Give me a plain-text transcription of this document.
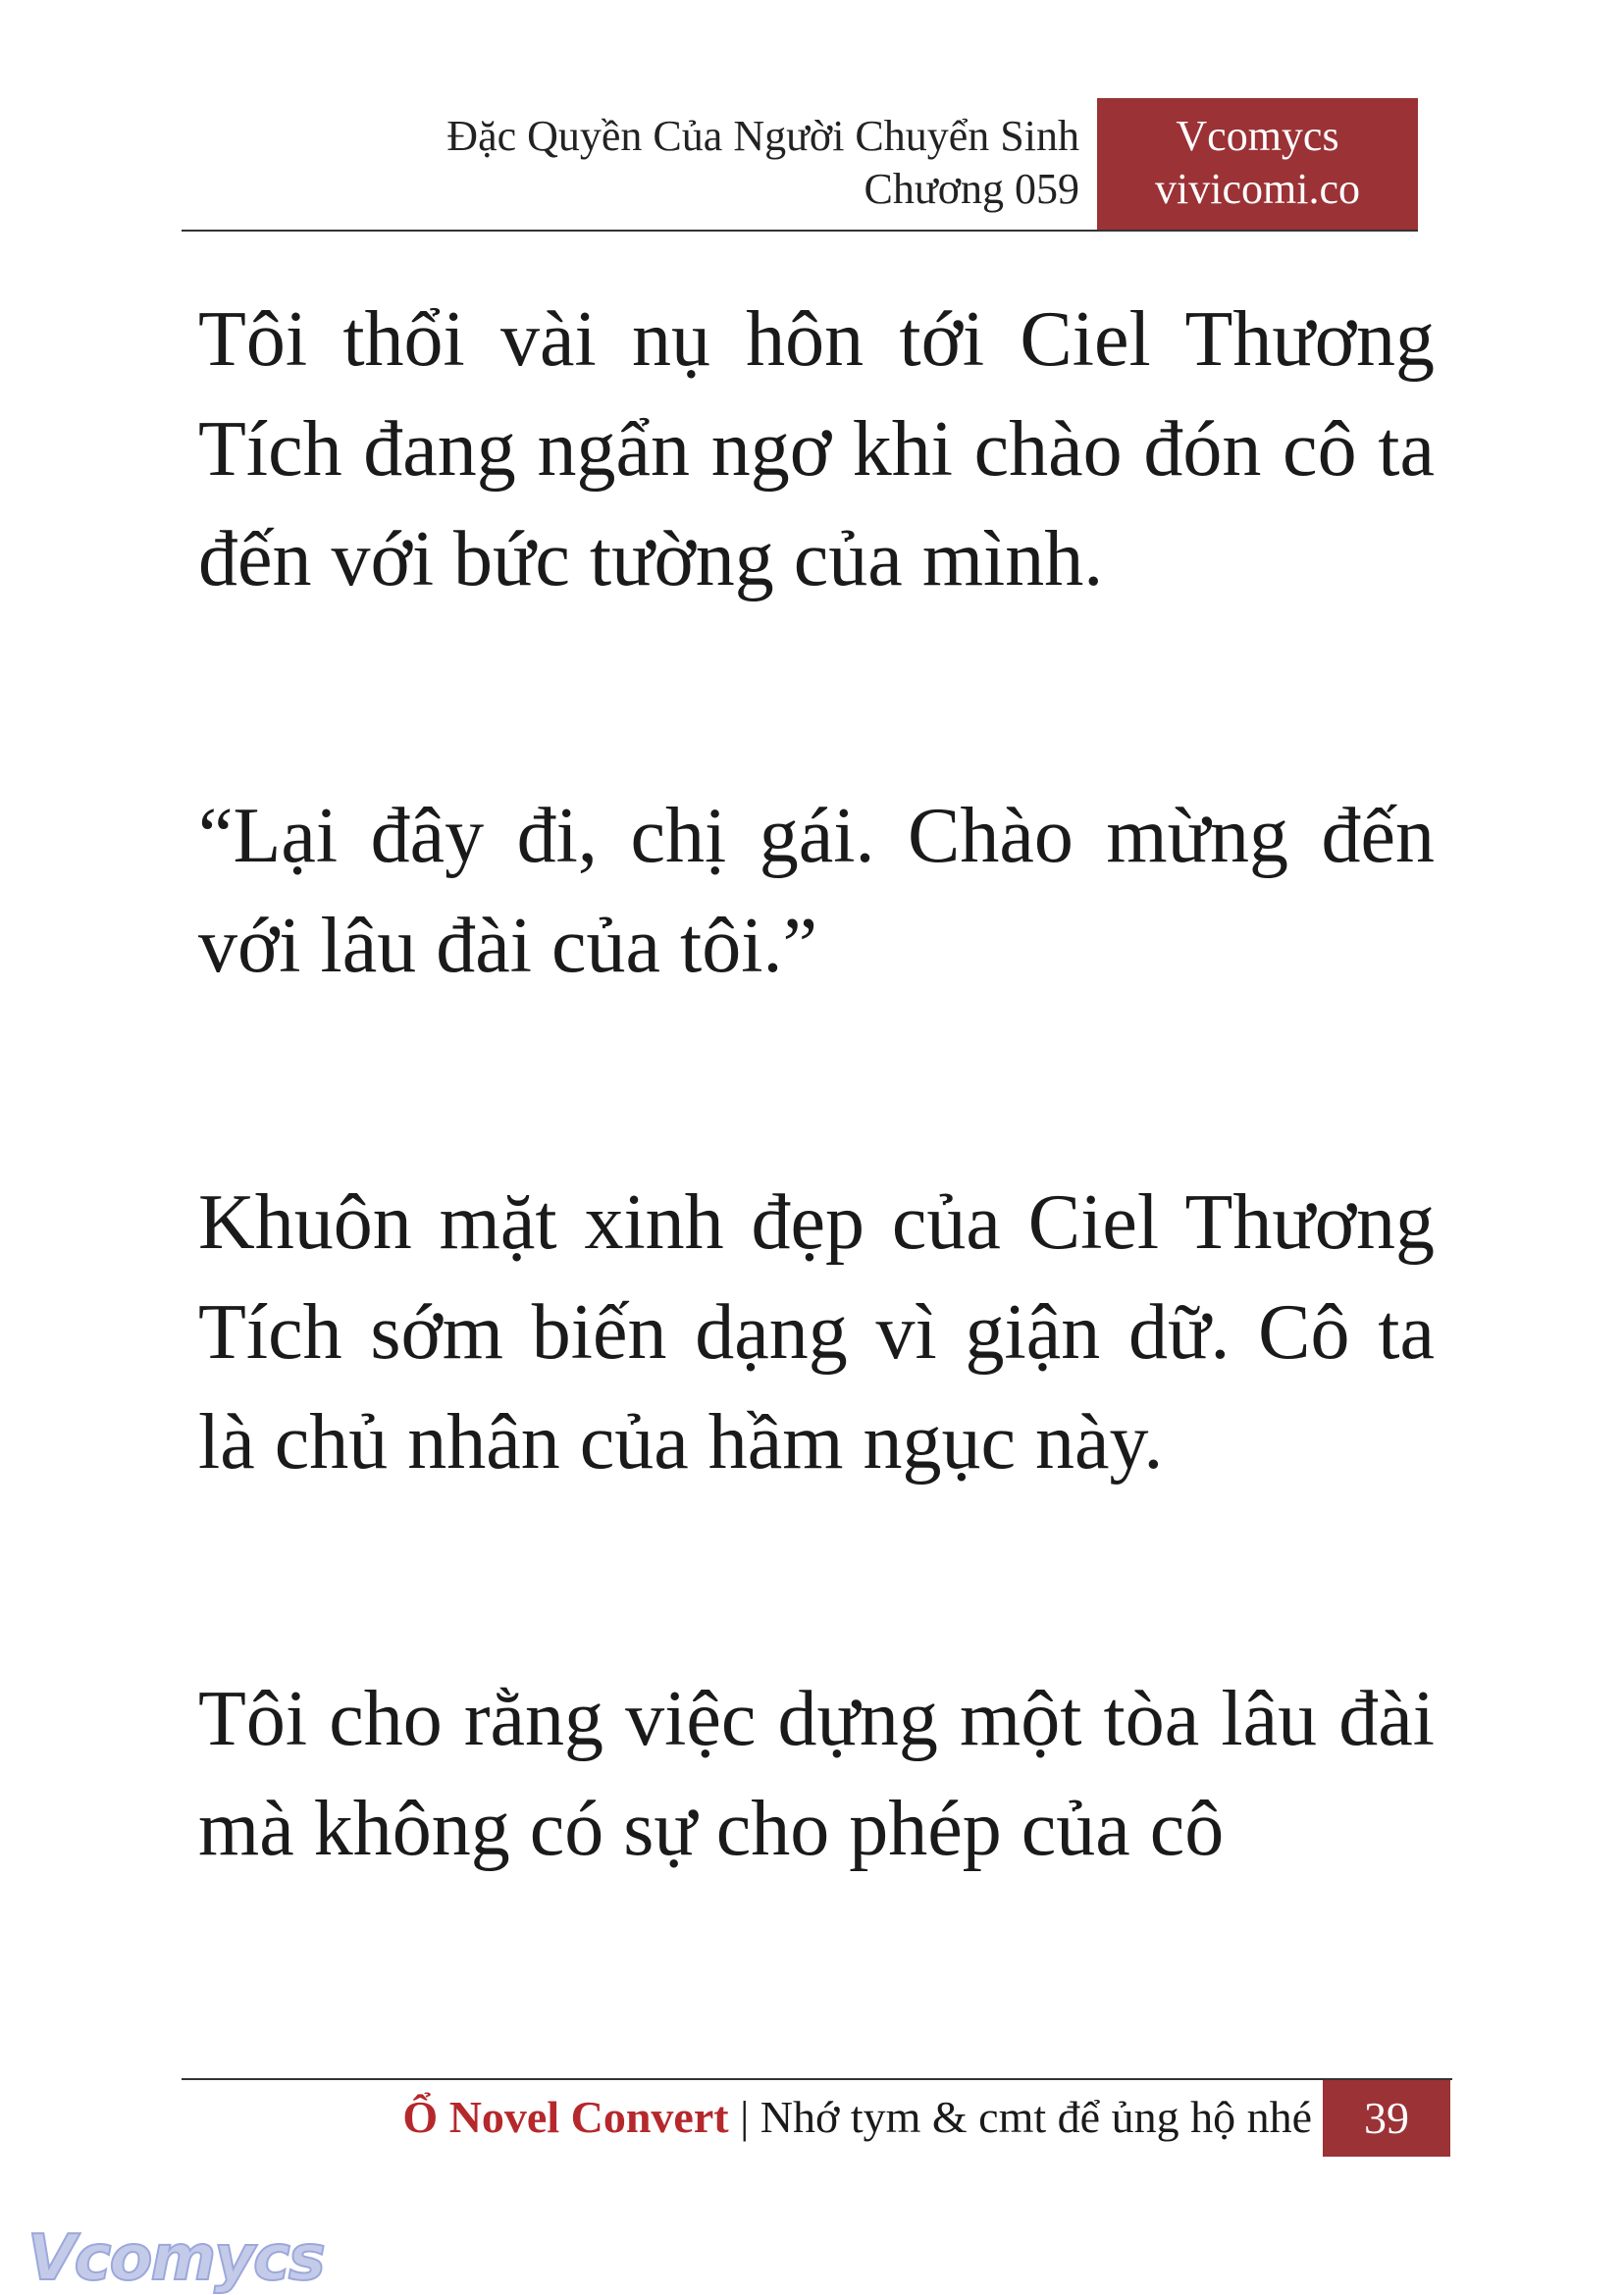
Đặc Quyền Của Người Chuyển Sinh
Chương 059
Vcomycs
vivicomi.co

Tôi thổi vài nụ hôn tới Ciel Thương Tích đang ngẩn ngơ khi chào đón cô ta đến với bức tường của mình.

“Lại đây đi, chị gái. Chào mừng đến với lâu đài của tôi.”

Khuôn mặt xinh đẹp của Ciel Thương Tích sớm biến dạng vì giận dữ. Cô ta là chủ nhân của hầm ngục này.

Tôi cho rằng việc dựng một tòa lâu đài mà không có sự cho phép của cô

Ổ Novel Convert | Nhớ tym & cmt để ủng hộ nhé	39
Vcomycs
